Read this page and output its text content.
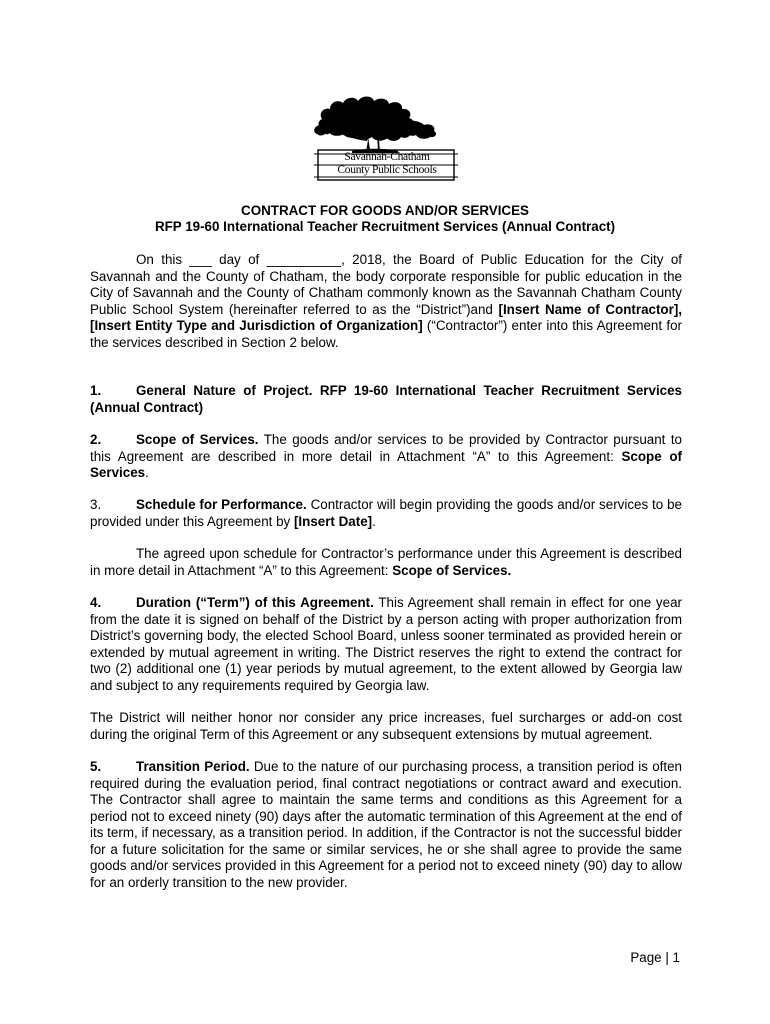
Savannah-Chatham
County Public Schools
CONTRACT FOR GOODS AND/OR SERVICES
RFP 19-60 International Teacher Recruitment Services (Annual Contract)
On this ___ day of __________, 2018, the Board of Public Education for the City of Savannah and the County of Chatham, the body corporate responsible for public education in the City of Savannah and the County of Chatham commonly known as the Savannah Chatham County Public School System (hereinafter referred to as the “District”)and [Insert Name of Contractor], [Insert Entity Type and Jurisdiction of Organization] (“Contractor”) enter into this Agreement for the services described in Section 2 below.
1.	General Nature of Project. RFP 19-60 International Teacher Recruitment Services (Annual Contract)
2.	Scope of Services. The goods and/or services to be provided by Contractor pursuant to this Agreement are described in more detail in Attachment “A” to this Agreement: Scope of Services.
3.	Schedule for Performance. Contractor will begin providing the goods and/or services to be provided under this Agreement by [Insert Date].
The agreed upon schedule for Contractor’s performance under this Agreement is described in more detail in Attachment “A” to this Agreement: Scope of Services.
4.	Duration (“Term”) of this Agreement. This Agreement shall remain in effect for one year from the date it is signed on behalf of the District by a person acting with proper authorization from District’s governing body, the elected School Board, unless sooner terminated as provided herein or extended by mutual agreement in writing. The District reserves the right to extend the contract for two (2) additional one (1) year periods by mutual agreement, to the extent allowed by Georgia law and subject to any requirements required by Georgia law.
The District will neither honor nor consider any price increases, fuel surcharges or add-on cost during the original Term of this Agreement or any subsequent extensions by mutual agreement.
5.	Transition Period. Due to the nature of our purchasing process, a transition period is often required during the evaluation period, final contract negotiations or contract award and execution. The Contractor shall agree to maintain the same terms and conditions as this Agreement for a period not to exceed ninety (90) days after the automatic termination of this Agreement at the end of its term, if necessary, as a transition period. In addition, if the Contractor is not the successful bidder for a future solicitation for the same or similar services, he or she shall agree to provide the same goods and/or services provided in this Agreement for a period not to exceed ninety (90) day to allow for an orderly transition to the new provider.
Page | 1
